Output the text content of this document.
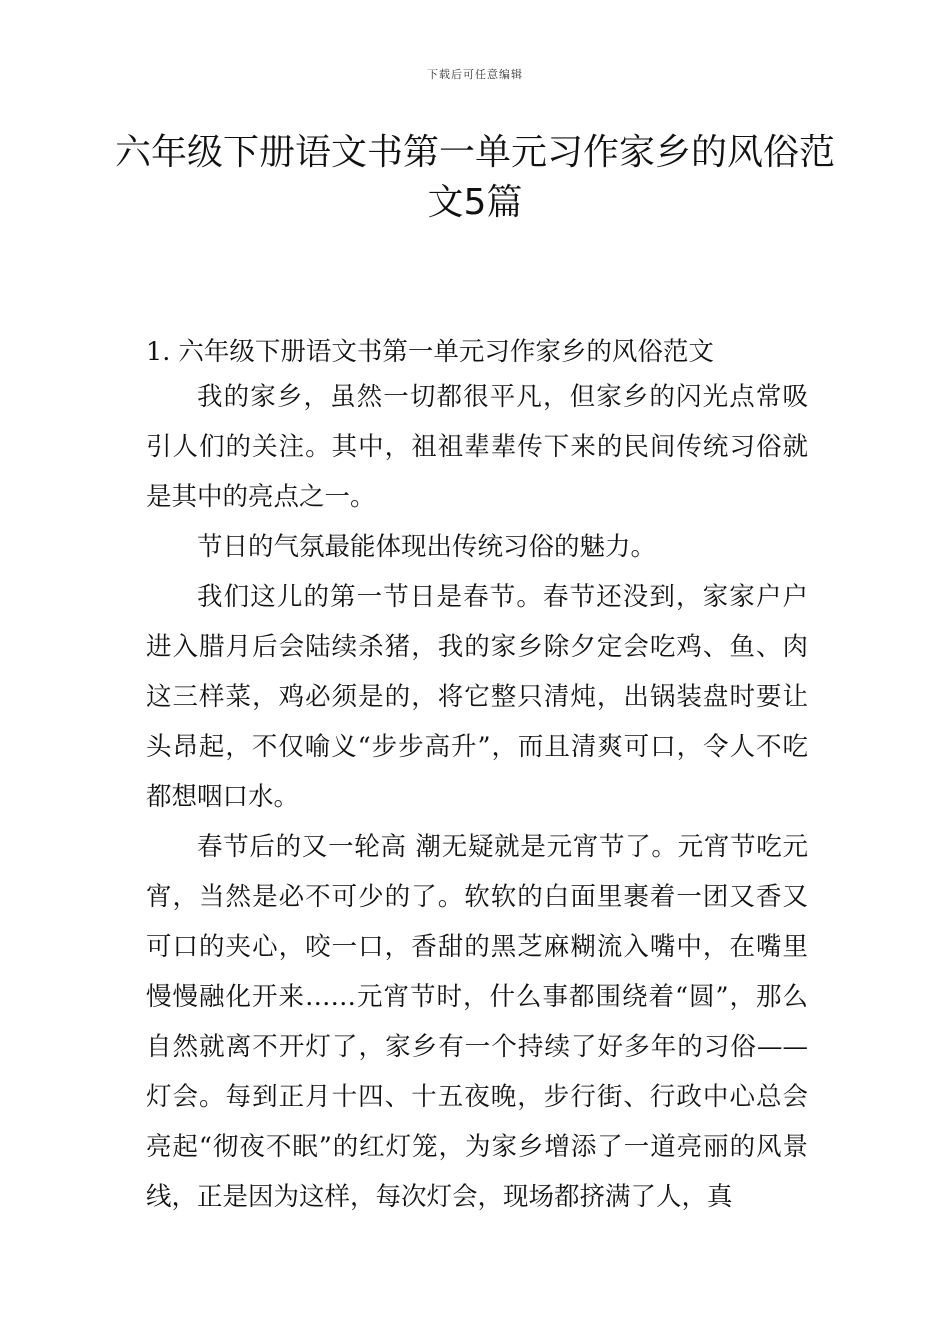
下载后可任意编辑
六年级下册语文书第一单元习作家乡的风俗范文5篇
1. 六年级下册语文书第一单元习作家乡的风俗范文

我的家乡，虽然一切都很平凡，但家乡的闪光点常吸引人们的关注。其中，祖祖辈辈传下来的民间传统习俗就是其中的亮点之一。

节日的气氛最能体现出传统习俗的魅力。

我们这儿的第一节日是春节。春节还没到，家家户户进入腊月后会陆续杀猪，我的家乡除夕定会吃鸡、鱼、肉这三样菜，鸡必须是的，将它整只清炖，出锅装盘时要让头昂起，不仅喻义“步步高升”，而且清爽可口，令人不吃都想咽口水。

春节后的又一轮高 潮无疑就是元宵节了。元宵节吃元宵，当然是必不可少的了。软软的白面里裹着一团又香又可口的夹心，咬一口，香甜的黑芝麻糊流入嘴中，在嘴里慢慢融化开来……元宵节时，什么事都围绕着“圆”，那么自然就离不开灯了，家乡有一个持续了好多年的习俗——灯会。每到正月十四、十五夜晚，步行街、行政中心总会亮起“彻夜不眠”的红灯笼，为家乡增添了一道亮丽的风景线，正是因为这样，每次灯会，现场都挤满了人，真
